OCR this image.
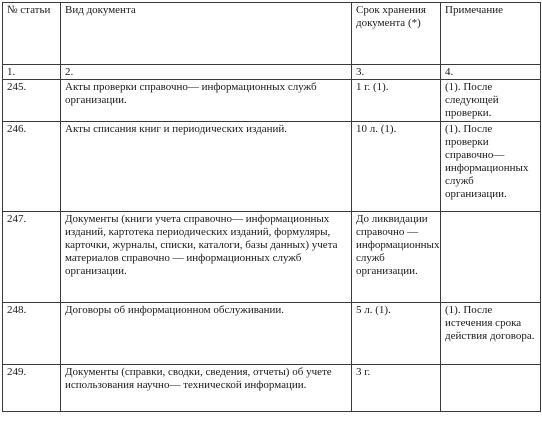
№ статьи	Вид документа	Срок хранения документа (*)	Примечание
1.	2.	3.	4.
245.	Акты проверки справочно— информационных служб организации.	1 г. (1).	(1). После следующей проверки.
246.	Акты списания книг и периодических изданий.	10 л. (1).	(1). После проверки справочно— информационных служб организации.
247.	Документы (книги учета справочно— информационных изданий, картотека периодических изданий, формуляры, карточки, журналы, списки, каталоги, базы данных) учета материалов справочно — информационных служб организации.	До ликвидации справочно — информационных служб организации.	
248.	Договоры об информационном обслуживании.	5 л. (1).	(1). После истечения срока действия договора.
249.	Документы (справки, сводки, сведения, отчеты) об учете использования научно— технической информации.	3 г.	
